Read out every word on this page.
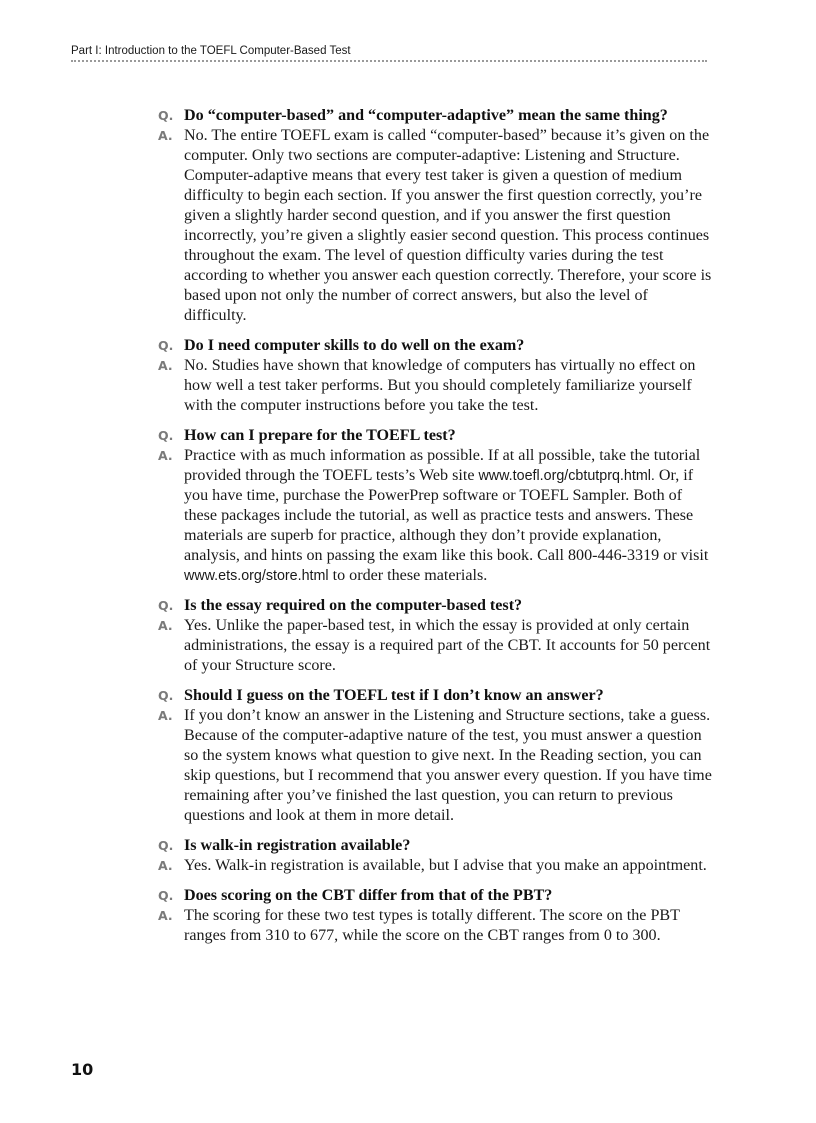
Part I: Introduction to the TOEFL Computer-Based Test
Q. Do “computer-based” and “computer-adaptive” mean the same thing?
A. No. The entire TOEFL exam is called “computer-based” because it’s given on the computer. Only two sections are computer-adaptive: Listening and Structure. Computer-adaptive means that every test taker is given a question of medium difficulty to begin each section. If you answer the first question correctly, you’re given a slightly harder second question, and if you answer the first question incorrectly, you’re given a slightly easier second question. This process continues throughout the exam. The level of question difficulty varies during the test according to whether you answer each question correctly. Therefore, your score is based upon not only the number of correct answers, but also the level of difficulty.
Q. Do I need computer skills to do well on the exam?
A. No. Studies have shown that knowledge of computers has virtually no effect on how well a test taker performs. But you should completely familiarize yourself with the computer instructions before you take the test.
Q. How can I prepare for the TOEFL test?
A. Practice with as much information as possible. If at all possible, take the tutorial provided through the TOEFL tests’s Web site www.toefl.org/cbtutprq.html. Or, if you have time, purchase the PowerPrep software or TOEFL Sampler. Both of these packages include the tutorial, as well as practice tests and answers. These materials are superb for practice, although they don’t provide explanation, analysis, and hints on passing the exam like this book. Call 800-446-3319 or visit www.ets.org/store.html to order these materials.
Q. Is the essay required on the computer-based test?
A. Yes. Unlike the paper-based test, in which the essay is provided at only certain administrations, the essay is a required part of the CBT. It accounts for 50 percent of your Structure score.
Q. Should I guess on the TOEFL test if I don’t know an answer?
A. If you don’t know an answer in the Listening and Structure sections, take a guess. Because of the computer-adaptive nature of the test, you must answer a question so the system knows what question to give next. In the Reading section, you can skip questions, but I recommend that you answer every question. If you have time remaining after you’ve finished the last question, you can return to previous questions and look at them in more detail.
Q. Is walk-in registration available?
A. Yes. Walk-in registration is available, but I advise that you make an appointment.
Q. Does scoring on the CBT differ from that of the PBT?
A. The scoring for these two test types is totally different. The score on the PBT ranges from 310 to 677, while the score on the CBT ranges from 0 to 300.
10
